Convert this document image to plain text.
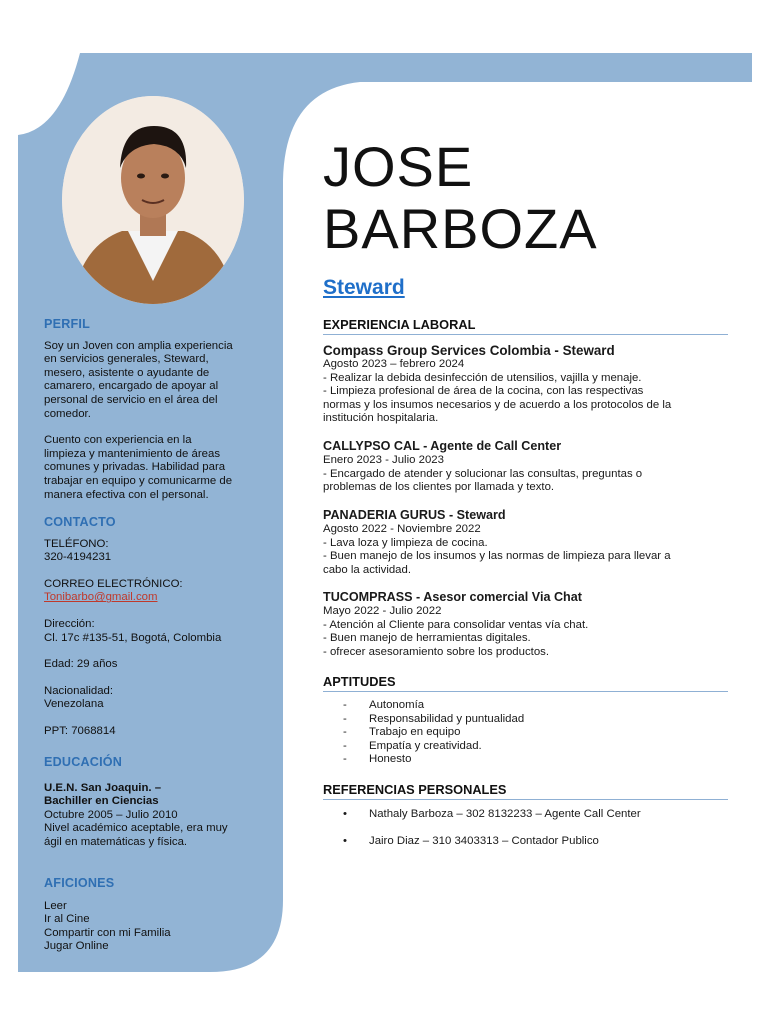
PERFIL

Soy un Joven con amplia experiencia

en servicios generales, Steward,

mesero, asistente o ayudante de

camarero, encargado de apoyar al

personal de servicio en el área del

comedor.

Cuento con experiencia en la

limpieza y mantenimiento de áreas

comunes y privadas. Habilidad para

trabajar en equipo y comunicarme de

manera efectiva con el personal.

CONTACTO

TELÉFONO:

320-4194231

CORREO ELECTRÓNICO:

Tonibarbo@gmail.com

Dirección:

Cl. 17c #135-51, Bogotá, Colombia

Edad: 29 años

Nacionalidad:

Venezolana

PPT: 7068814

EDUCACIÓN

U.E.N. San Joaquin. –

Bachiller en Ciencias

Octubre 2005 – Julio 2010

Nivel académico aceptable, era muy

ágil en matemáticas y física.

AFICIONES

Leer

Ir al Cine

Compartir con mi Familia

Jugar Online

JOSE
BARBOZA
Steward
EXPERIENCIA LABORAL
Compass Group Services Colombia - Steward

Agosto 2023 – febrero 2024

- Realizar la debida desinfección de utensilios, vajilla y menaje.

- Limpieza profesional de área de la cocina, con las respectivas

normas y los insumos necesarios y de acuerdo a los protocolos de la

institución hospitalaria.

CALLYPSO CAL - Agente de Call Center

Enero 2023 - Julio 2023

- Encargado de atender y solucionar las consultas, preguntas o

problemas de los clientes por llamada y texto.

PANADERIA GURUS - Steward

Agosto 2022 - Noviembre 2022

- Lava loza y limpieza de cocina.

- Buen manejo de los insumos y las normas de limpieza para llevar a

cabo la actividad.

TUCOMPRASS - Asesor comercial Via Chat

Mayo 2022 - Julio 2022

- Atención al Cliente para consolidar ventas vía chat.

- Buen manejo de herramientas digitales.

- ofrecer asesoramiento sobre los productos.

APTITUDES
-	Autonomía
-	Responsabilidad y puntualidad
-	Trabajo en equipo
-	Empatía y creatividad.
-	Honesto
REFERENCIAS PERSONALES
•	Nathaly Barboza – 302 8132233 – Agente Call Center
•	Jairo Diaz – 310 3403313 – Contador Publico
